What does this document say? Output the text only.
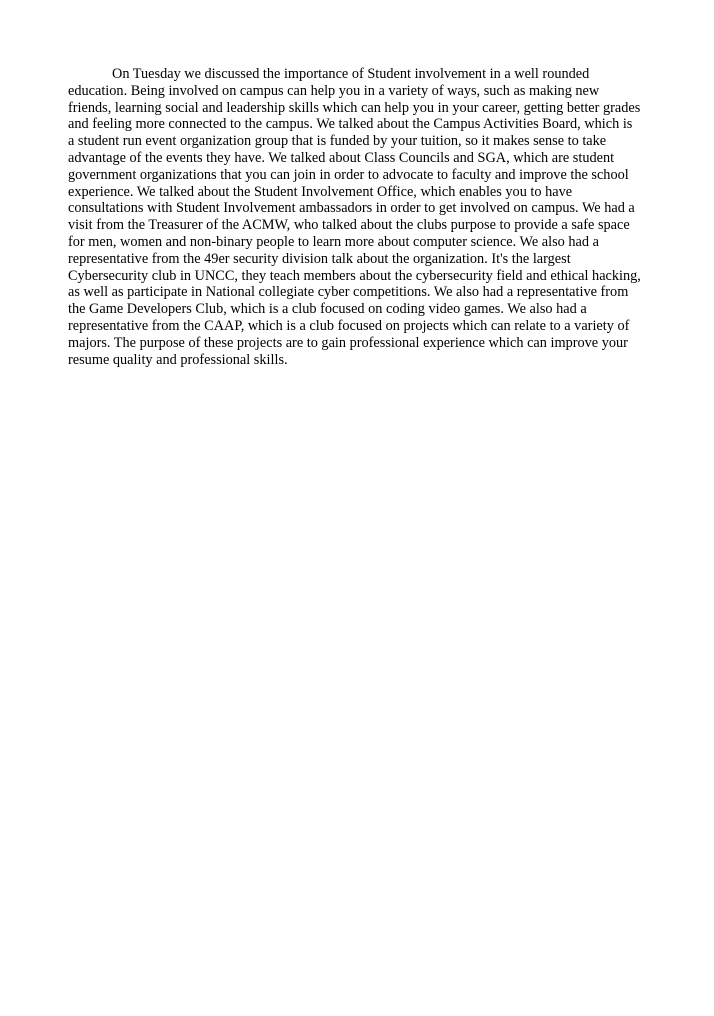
On Tuesday we discussed the importance of Student involvement in a well rounded
education. Being involved on campus can help you in a variety of ways, such as making new
friends, learning social and leadership skills which can help you in your career, getting better grades
and feeling more connected to the campus. We talked about the Campus Activities Board, which is
a student run event organization group that is funded by your tuition, so it makes sense to take
advantage of the events they have. We talked about Class Councils and SGA, which are student
government organizations that you can join in order to advocate to faculty and improve the school
experience. We talked about the Student Involvement Office, which enables you to have
consultations with Student Involvement ambassadors in order to get involved on campus. We had a
visit from the Treasurer of the ACMW, who talked about the clubs purpose to provide a safe space
for men, women and non-binary people to learn more about computer science. We also had a
representative from the 49er security division talk about the organization. It's the largest
Cybersecurity club in UNCC, they teach members about the cybersecurity field and ethical hacking,
as well as participate in National collegiate cyber competitions. We also had a representative from
the Game Developers Club, which is a club focused on coding video games. We also had a
representative from the CAAP, which is a club focused on projects which can relate to a variety of
majors. The purpose of these projects are to gain professional experience which can improve your
resume quality and professional skills.
